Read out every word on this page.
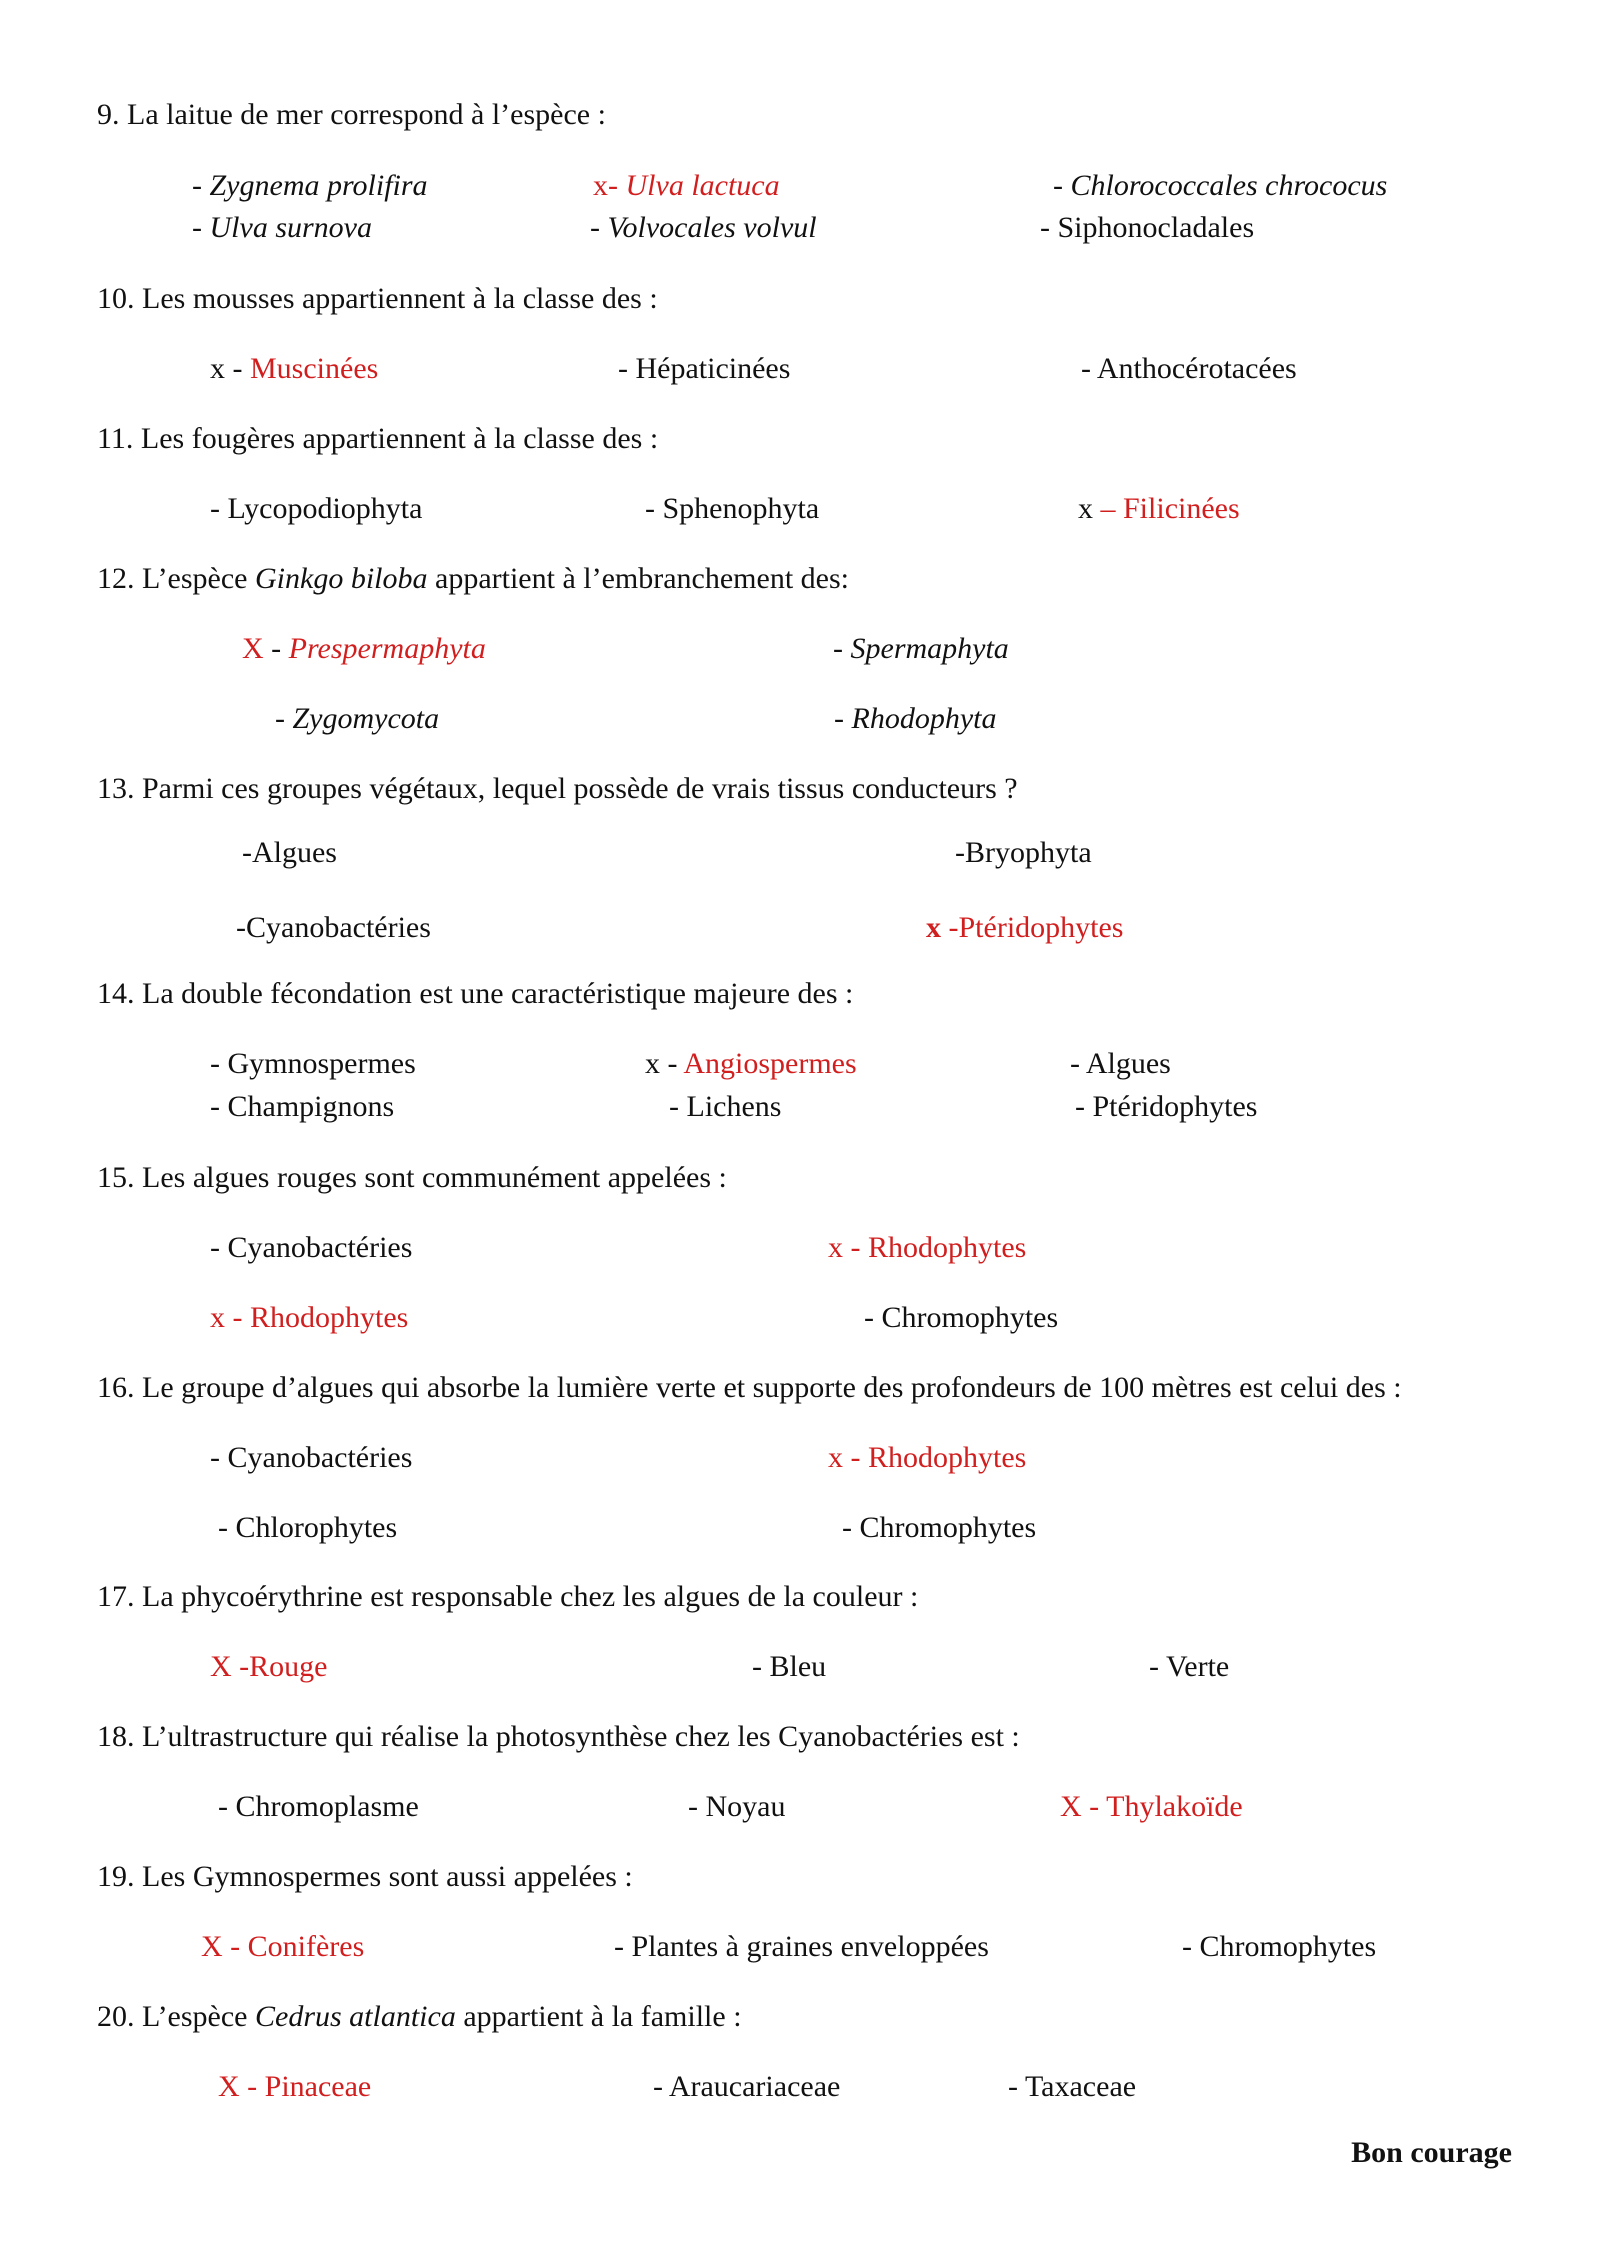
9. La laitue de mer correspond à l’espèce :
- Zygnema prolifira	x- Ulva lactuca	- Chlorococcales chrococus
- Ulva surnova	- Volvocales volvul	- Siphonocladales
10. Les mousses appartiennent à la classe des :
x - Muscinées	- Hépaticinées	- Anthocérotacées
11. Les fougères appartiennent à la classe des :
- Lycopodiophyta	- Sphenophyta	x – Filicinées
12. L’espèce Ginkgo biloba appartient à l’embranchement des:
X - Prespermaphyta	- Spermaphyta
- Zygomycota	- Rhodophyta
13. Parmi ces groupes végétaux, lequel possède de vrais tissus conducteurs ?
-Algues	-Bryophyta
-Cyanobactéries	x -Ptéridophytes
14. La double fécondation est une caractéristique majeure des :
- Gymnospermes	x - Angiospermes	- Algues
- Champignons	- Lichens	- Ptéridophytes
15. Les algues rouges sont communément appelées :
- Cyanobactéries	x - Rhodophytes
x - Rhodophytes	- Chromophytes
16. Le groupe d’algues qui absorbe la lumière verte et supporte des profondeurs de 100 mètres est celui des :
- Cyanobactéries	x - Rhodophytes
- Chlorophytes	- Chromophytes
17. La phycoérythrine est responsable chez les algues de la couleur :
X -Rouge	- Bleu	- Verte
18. L’ultrastructure qui réalise la photosynthèse chez les Cyanobactéries est :
- Chromoplasme	- Noyau	X - Thylakoïde
19. Les Gymnospermes sont aussi appelées :
X - Conifères	- Plantes à graines enveloppées	- Chromophytes
20. L’espèce Cedrus atlantica appartient à la famille :
X - Pinaceae	- Araucariaceae	- Taxaceae
Bon courage
